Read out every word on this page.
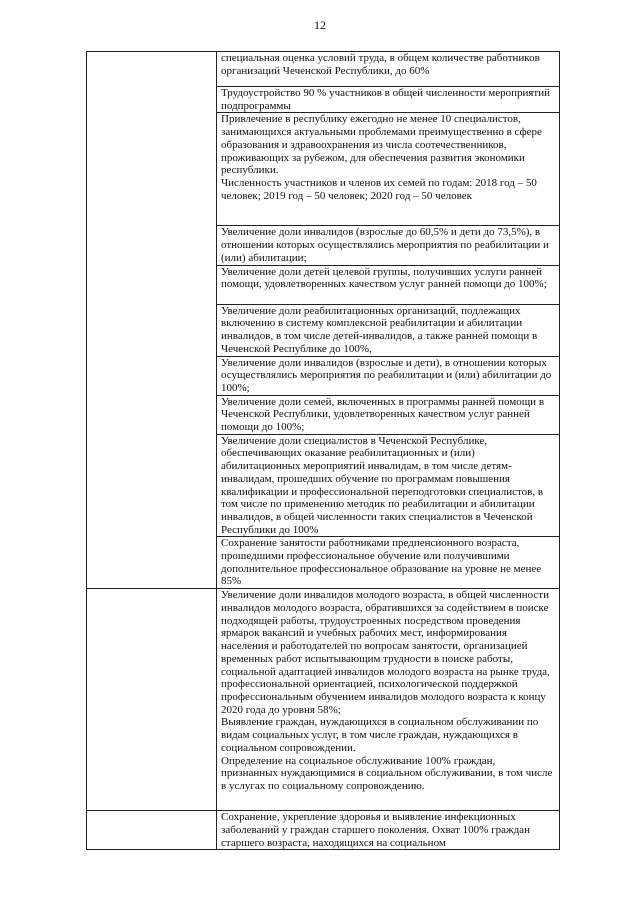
12

	специальная оценка условий труда, в общем количестве работников организаций Чеченской Республики, до 60%

	Трудоустройство 90 % участников в общей численности мероприятий подпрограммы

	Привлечение в республику ежегодно не менее 10 специалистов, занимающихся актуальными проблемами преимущественно в сфере образования и здравоохранения из числа соотечественников, проживающих за рубежом, для обеспечения развития экономики республики.
Численность участников и членов их семей по годам: 2018 год – 50 человек; 2019 год – 50 человек; 2020 год – 50 человек

	Увеличение доли инвалидов (взрослые до 60,5% и дети до 73,5%), в отношении которых осуществлялись мероприятия по реабилитации и (или) абилитации;

	Увеличение доли детей целевой группы, получивших услуги ранней помощи, удовлетворенных качеством услуг ранней помощи до 100%;

	Увеличение доли реабилитационных организаций, подлежащих включению в систему комплексной реабилитации и абилитации инвалидов, в том числе детей-инвалидов, а также ранней помощи в Чеченской Республике до 100%,

	Увеличение доли инвалидов (взрослые и дети), в отношении которых осуществлялись мероприятия по реабилитации и (или) абилитации до 100%;

	Увеличение доли семей, включенных в программы ранней помощи в Чеченской Республики, удовлетворенных качеством услуг ранней помощи до 100%;

	Увеличение доли специалистов в Чеченской Республике, обеспечивающих оказание реабилитационных и (или) абилитационных мероприятий инвалидам, в том числе детям-инвалидам, прошедших обучение по программам повышения квалификации и профессиональной переподготовки специалистов, в том числе по применению методик по реабилитации и абилитации инвалидов, в общей численности таких специалистов в Чеченской Республики до 100%

	Сохранение занятости работниками предпенсионного возраста, прошедшими профессиональное обучение или получившими дополнительное профессиональное образование на уровне не менее 85%

	Увеличение доли инвалидов молодого возраста, в общей численности инвалидов молодого возраста, обратившихся за содействием в поиске подходящей работы, трудоустроенных посредством проведения ярмарок вакансий и учебных рабочих мест, информирования населения и работодателей по вопросам занятости, организацией временных работ испытывающим трудности в поиске работы, социальной адаптацией инвалидов молодого возраста на рынке труда, профессиональной ориентацией, психологической поддержкой профессиональным обучением инвалидов молодого возраста к концу 2020 года до уровня 58%;
Выявление граждан, нуждающихся в социальном обслуживании по видам социальных услуг, в том числе граждан, нуждающихся в социальном сопровождении.
Определение на социальное обслуживание 100% граждан, признанных нуждающимися в социальном обслуживании, в том числе в услугах по социальному сопровождению.

	Сохранение, укрепление здоровья и выявление инфекционных заболеваний у граждан старшего поколения. Охват 100% граждан старшего возраста, находящихся на социальном
